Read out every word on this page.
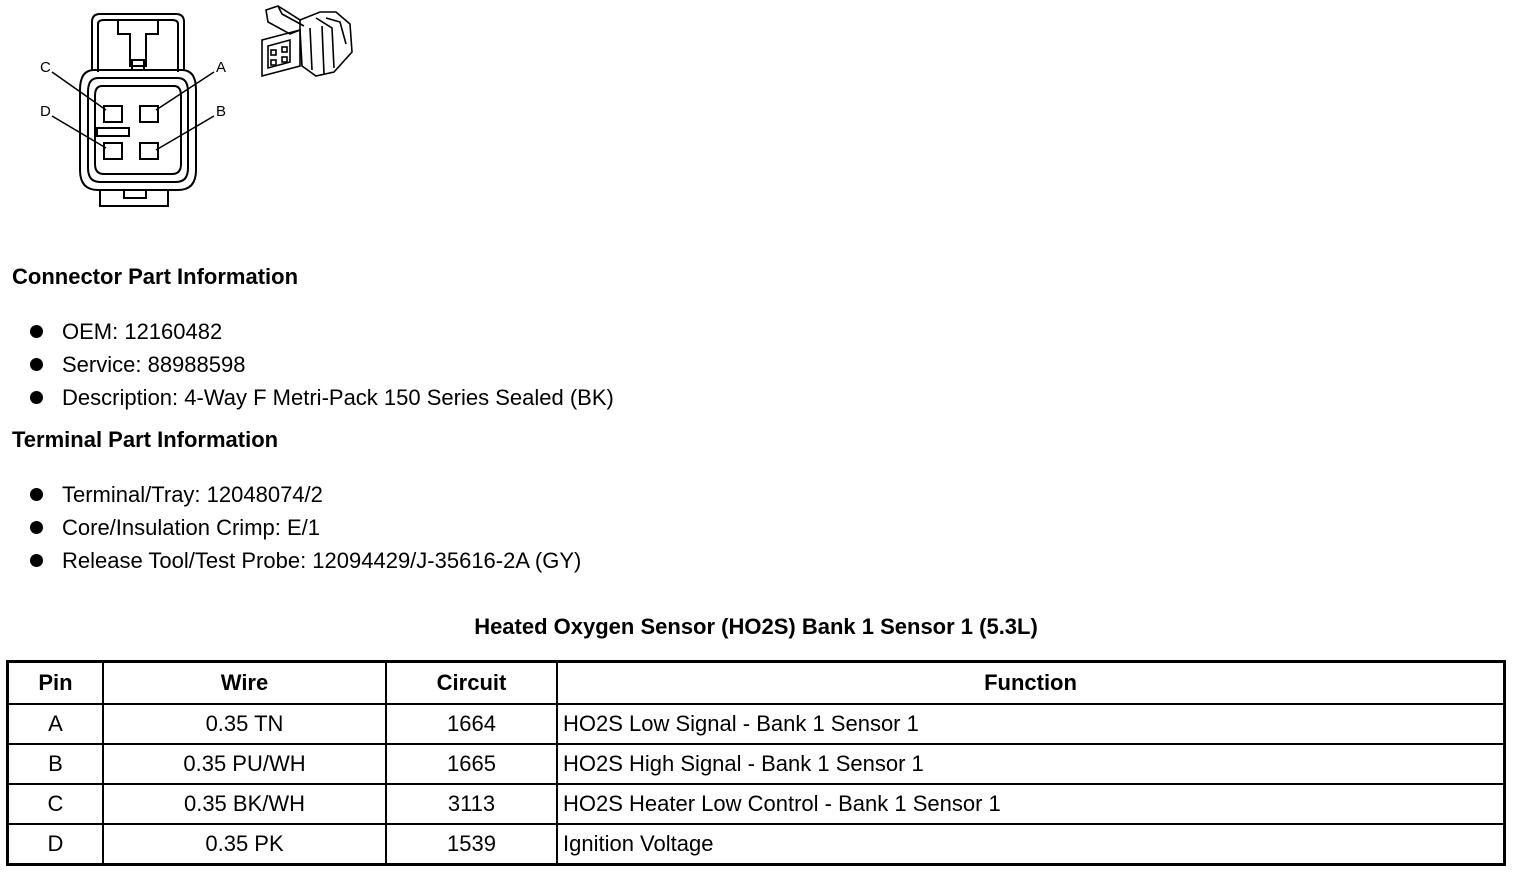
C	A
D	B
Connector Part Information
OEM: 12160482
Service: 88988598
Description: 4-Way F Metri-Pack 150 Series Sealed (BK)
Terminal Part Information
Terminal/Tray: 12048074/2
Core/Insulation Crimp: E/1
Release Tool/Test Probe: 12094429/J-35616-2A (GY)
Heated Oxygen Sensor (HO2S) Bank 1 Sensor 1 (5.3L)
Pin	Wire	Circuit	Function
A	0.35 TN	1664	HO2S Low Signal - Bank 1 Sensor 1
B	0.35 PU/WH	1665	HO2S High Signal - Bank 1 Sensor 1
C	0.35 BK/WH	3113	HO2S Heater Low Control - Bank 1 Sensor 1
D	0.35 PK	1539	Ignition Voltage
